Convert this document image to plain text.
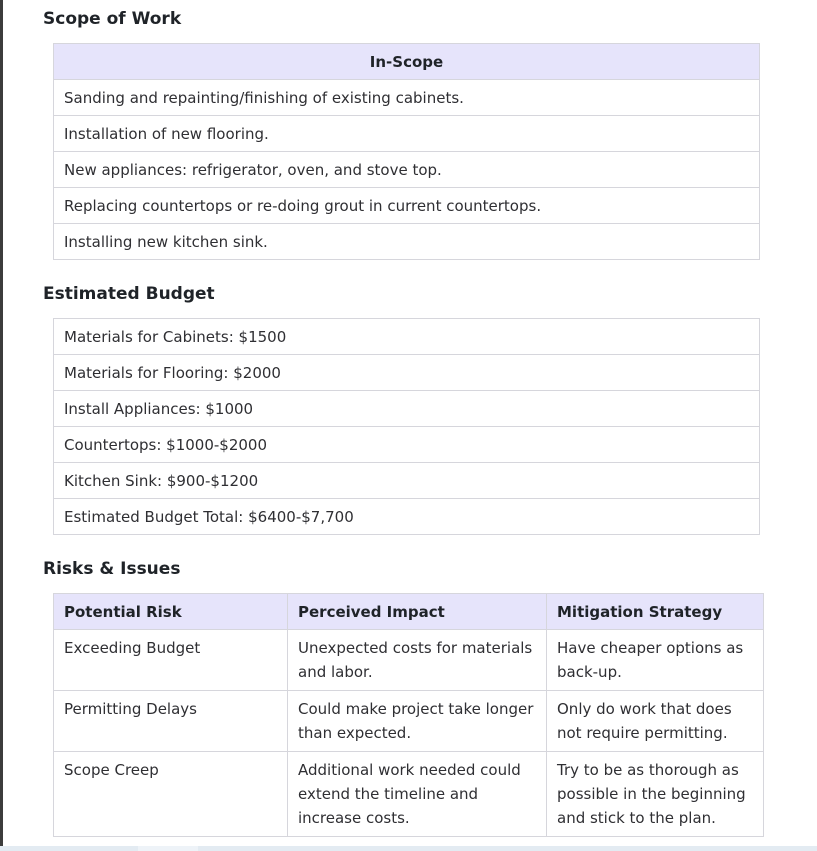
Scope of Work
In-Scope
Sanding and repainting/finishing of existing cabinets.
Installation of new flooring.
New appliances: refrigerator, oven, and stove top.
Replacing countertops or re-doing grout in current countertops.
Installing new kitchen sink.
Estimated Budget
Materials for Cabinets: $1500
Materials for Flooring: $2000
Install Appliances: $1000
Countertops: $1000-$2000
Kitchen Sink: $900-$1200
Estimated Budget Total: $6400-$7,700
Risks & Issues
Potential Risk	Perceived Impact	Mitigation Strategy
Exceeding Budget	Unexpected costs for materials and labor.	Have cheaper options as back-up.
Permitting Delays	Could make project take longer than expected.	Only do work that does not require permitting.
Scope Creep	Additional work needed could extend the timeline and increase costs.	Try to be as thorough as possible in the beginning and stick to the plan.
